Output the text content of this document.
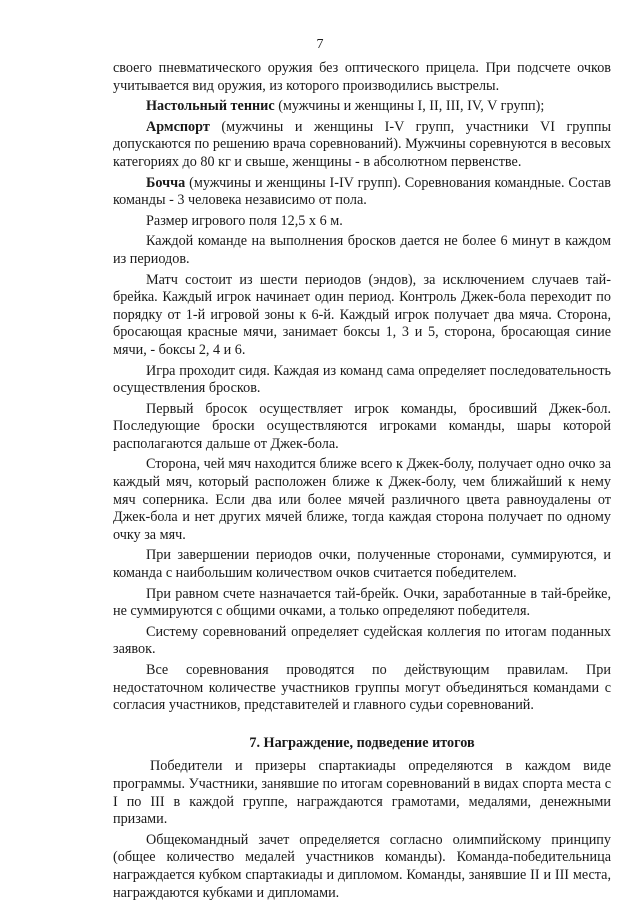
7

своего пневматического оружия без оптического прицела. При подсчете очков учитывается вид оружия, из которого производились выстрелы.

Настольный теннис (мужчины и женщины I, II, III, IV, V групп);

Армспорт (мужчины и женщины I-V групп, участники VI группы допускаются по решению врача соревнований). Мужчины соревнуются в весовых категориях до 80 кг и свыше, женщины - в абсолютном первенстве.

Бочча (мужчины и женщины I-IV групп). Соревнования командные. Состав команды - 3 человека независимо от пола.

Размер игрового поля 12,5 х 6 м.

Каждой команде на выполнения бросков дается не более 6 минут в каждом из периодов.

Матч состоит из шести периодов (эндов), за исключением случаев тай-брейка. Каждый игрок начинает один период. Контроль Джек-бола переходит по порядку от 1-й игровой зоны к 6-й. Каждый игрок получает два мяча. Сторона, бросающая красные мячи, занимает боксы 1, 3 и 5, сторона, бросающая синие мячи, - боксы 2, 4 и 6.

Игра проходит сидя. Каждая из команд сама определяет последовательность осуществления бросков.

Первый бросок осуществляет игрок команды, бросивший Джек-бол. Последующие броски осуществляются игроками команды, шары которой располагаются дальше от Джек-бола.

Сторона, чей мяч находится ближе всего к Джек-болу, получает одно очко за каждый мяч, который расположен ближе к Джек-болу, чем ближайший к нему мяч соперника. Если два или более мячей различного цвета равноудалены от Джек-бола и нет других мячей ближе, тогда каждая сторона получает по одному очку за мяч.

При завершении периодов очки, полученные сторонами, суммируются, и команда с наибольшим количеством очков считается победителем.

При равном счете назначается тай-брейк. Очки, заработанные в тай-брейке, не суммируются с общими очками, а только определяют победителя.

Систему соревнований определяет судейская коллегия по итогам поданных заявок.

Все соревнования проводятся по действующим правилам. При недостаточном количестве участников группы могут объединяться командами с согласия участников, представителей и главного судьи соревнований.

7. Награждение, подведение итогов

Победители и призеры спартакиады определяются в каждом виде программы. Участники, занявшие по итогам соревнований в видах спорта места с I по III в каждой группе, награждаются грамотами, медалями, денежными призами.

Общекомандный зачет определяется согласно олимпийскому принципу (общее количество медалей участников команды). Команда-победительница награждается кубком спартакиады и дипломом. Команды, занявшие II и III места, награждаются кубками и дипломами.
